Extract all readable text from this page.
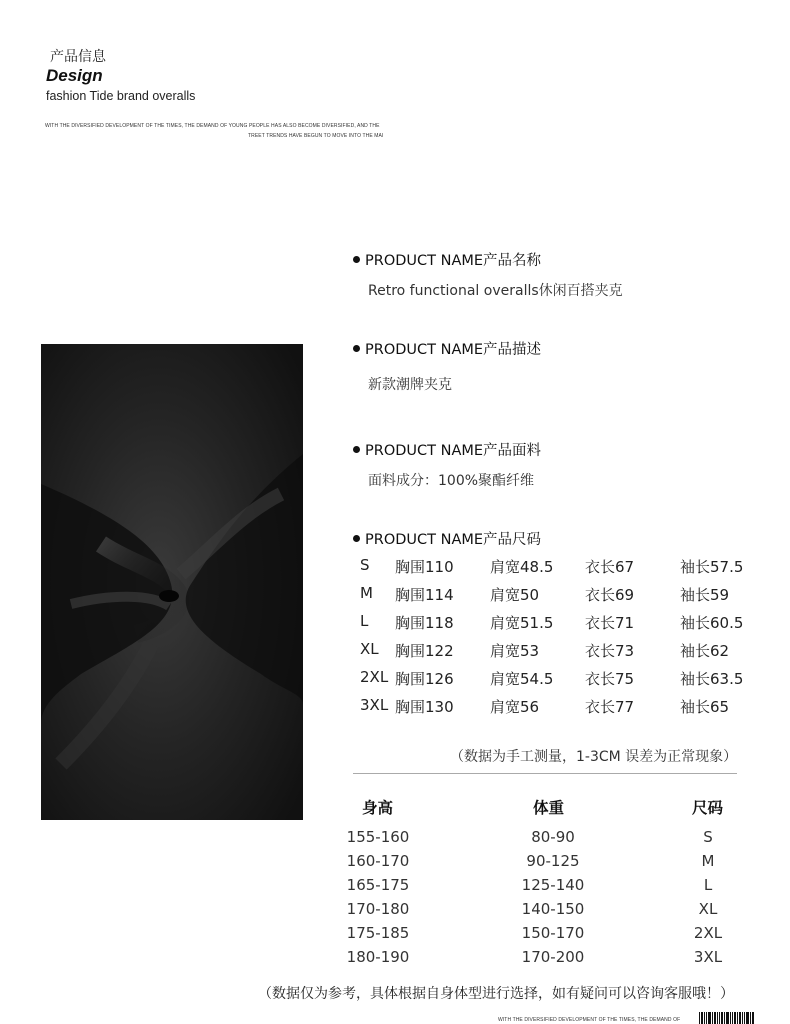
产品信息
Design
fashion Tide brand overalls
WITH THE DIVERSIFIED DEVELOPMENT OF THE TIMES, THE DEMAND OF YOUNG PEOPLE HAS ALSO BECOME DIVERSIFIED, AND THE
TREET TRENDS HAVE BEGUN TO MOVE INTO THE MAI
PRODUCT NAME产品名称
Retro functional overalls休闲百搭夹克
PRODUCT NAME产品描述
新款潮牌夹克
PRODUCT NAME产品面料
面料成分：100%聚酯纤维
PRODUCT NAME产品尺码
S 胸围110 肩宽48.5 衣长67	袖长57.5
M 胸围114 肩宽50	衣长69	袖长59
L 胸围118 肩宽51.5 衣长71	袖长60.5
XL 胸围122 肩宽53	衣长73	袖长62
2XL 胸围126 肩宽54.5 衣长75	袖长63.5
3XL 胸围130 肩宽56	衣长77	袖长65
（数据为手工测量，1-3CM 误差为正常现象）
身高	体重	尺码
155-160	80-90	S
160-170	90-125	M
165-175	125-140	L
170-180	140-150	XL
175-185	150-170	2XL
180-190	170-200	3XL
（数据仅为参考，具体根据自身体型进行选择，如有疑问可以咨询客服哦！）
WITH THE DIVERSIFIED DEVELOPMENT OF THE TIMES, THE DEMAND OF
